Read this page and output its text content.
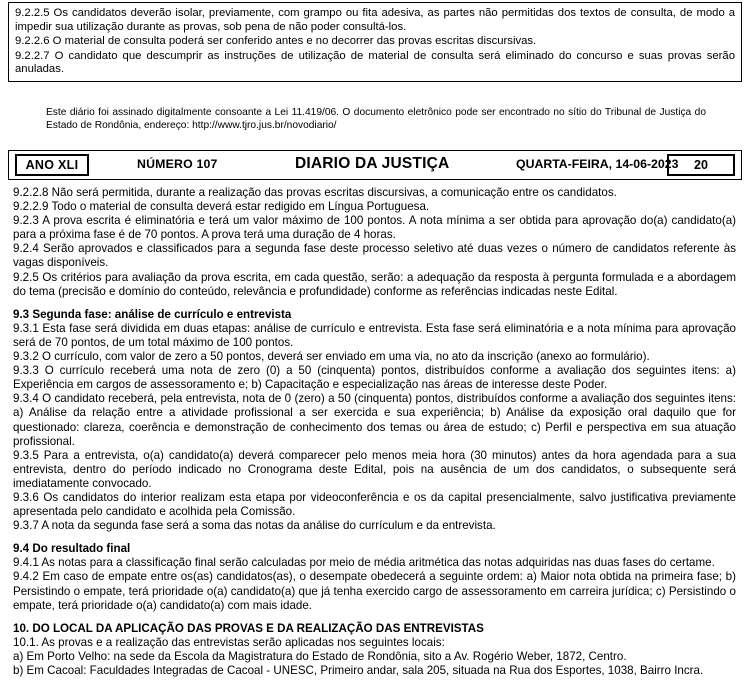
9.2.2.5 Os candidatos deverão isolar, previamente, com grampo ou fita adesiva, as partes não permitidas dos textos de consulta, de modo a impedir sua utilização durante as provas, sob pena de não poder consultá-los.

9.2.2.6 O material de consulta poderá ser conferido antes e no decorrer das provas escritas discursivas.

9.2.2.7 O candidato que descumprir as instruções de utilização de material de consulta será eliminado do concurso e suas provas serão anuladas.

Este diário foi assinado digitalmente consoante a Lei 11.419/06. O documento eletrônico pode ser encontrado no sítio do Tribunal de Justiça do Estado de Rondônia, endereço: http://www.tjro.jus.br/novodiario/
ANO XLI	NÚMERO 107	DIARIO DA JUSTIÇA	QUARTA-FEIRA, 14-06-2023	20

9.2.2.8 Não será permitida, durante a realização das provas escritas discursivas, a comunicação entre os candidatos.

9.2.2.9 Todo o material de consulta deverá estar redigido em Língua Portuguesa.

9.2.3 A prova escrita é eliminatória e terá um valor máximo de 100 pontos. A nota mínima a ser obtida para aprovação do(a) candidato(a) para a próxima fase é de 70 pontos. A prova terá uma duração de 4 horas.

9.2.4 Serão aprovados e classificados para a segunda fase deste processo seletivo até duas vezes o número de candidatos referente às vagas disponíveis.

9.2.5 Os critérios para avaliação da prova escrita, em cada questão, serão: a adequação da resposta à pergunta formulada e a abordagem do tema (precisão e domínio do conteúdo, relevância e profundidade) conforme as referências indicadas neste Edital.

9.3 Segunda fase: análise de currículo e entrevista

9.3.1 Esta fase será dividida em duas etapas: análise de currículo e entrevista. Esta fase será eliminatória e a nota mínima para aprovação será de 70 pontos, de um total máximo de 100 pontos.

9.3.2 O currículo, com valor de zero a 50 pontos, deverá ser enviado em uma via, no ato da inscrição (anexo ao formulário).

9.3.3 O currículo receberá uma nota de zero (0) a 50 (cinquenta) pontos, distribuídos conforme a avaliação dos seguintes itens: a) Experiência em cargos de assessoramento e; b) Capacitação e especialização nas áreas de interesse deste Poder.

9.3.4 O candidato receberá, pela entrevista, nota de 0 (zero) a 50 (cinquenta) pontos, distribuídos conforme a avaliação dos seguintes itens: a) Análise da relação entre a atividade profissional a ser exercida e sua experiência; b) Análise da exposição oral daquilo que for questionado: clareza, coerência e demonstração de conhecimento dos temas ou área de estudo; c) Perfil e perspectiva em sua atuação profissional.

9.3.5 Para a entrevista, o(a) candidato(a) deverá comparecer pelo menos meia hora (30 minutos) antes da hora agendada para a sua entrevista, dentro do período indicado no Cronograma deste Edital, pois na ausência de um dos candidatos, o subsequente será imediatamente convocado.

9.3.6 Os candidatos do interior realizam esta etapa por videoconferência e os da capital presencialmente, salvo justificativa previamente apresentada pelo candidato e acolhida pela Comissão.

9.3.7 A nota da segunda fase será a soma das notas da análise do currículum e da entrevista.

9.4 Do resultado final

9.4.1 As notas para a classificação final serão calculadas por meio de média aritmética das notas adquiridas nas duas fases do certame.

9.4.2 Em caso de empate entre os(as) candidatos(as), o desempate obedecerá a seguinte ordem: a) Maior nota obtida na primeira fase; b) Persistindo o empate, terá prioridade o(a) candidato(a) que já tenha exercido cargo de assessoramento em carreira jurídica; c) Persistindo o empate, terá prioridade o(a) candidato(a) com mais idade.

10. DO LOCAL DA APLICAÇÃO DAS PROVAS E DA REALIZAÇÃO DAS ENTREVISTAS

10.1. As provas e a realização das entrevistas serão aplicadas nos seguintes locais:

a) Em Porto Velho: na sede da Escola da Magistratura do Estado de Rondônia, sito a Av. Rogério Weber, 1872, Centro.

b) Em Cacoal: Faculdades Integradas de Cacoal - UNESC, Primeiro andar, sala 205, situada na Rua dos Esportes, 1038, Bairro Incra.
